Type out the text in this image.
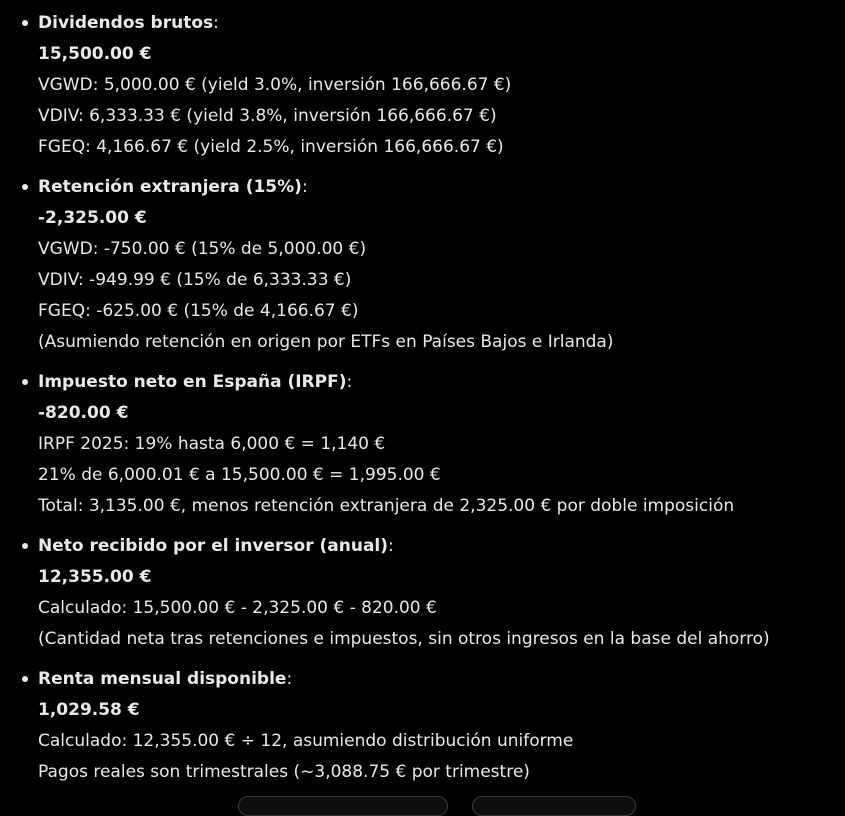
Dividendos brutos:
15,500.00 €
VGWD: 5,000.00 € (yield 3.0%, inversión 166,666.67 €)
VDIV: 6,333.33 € (yield 3.8%, inversión 166,666.67 €)
FGEQ: 4,166.67 € (yield 2.5%, inversión 166,666.67 €)
Retención extranjera (15%):
-2,325.00 €
VGWD: -750.00 € (15% de 5,000.00 €)
VDIV: -949.99 € (15% de 6,333.33 €)
FGEQ: -625.00 € (15% de 4,166.67 €)
(Asumiendo retención en origen por ETFs en Países Bajos e Irlanda)
Impuesto neto en España (IRPF):
-820.00 €
IRPF 2025: 19% hasta 6,000 € = 1,140 €
21% de 6,000.01 € a 15,500.00 € = 1,995.00 €
Total: 3,135.00 €, menos retención extranjera de 2,325.00 € por doble imposición
Neto recibido por el inversor (anual):
12,355.00 €
Calculado: 15,500.00 € - 2,325.00 € - 820.00 €
(Cantidad neta tras retenciones e impuestos, sin otros ingresos en la base del ahorro)
Renta mensual disponible:
1,029.58 €
Calculado: 12,355.00 € ÷ 12, asumiendo distribución uniforme
Pagos reales son trimestrales (~3,088.75 € por trimestre)
